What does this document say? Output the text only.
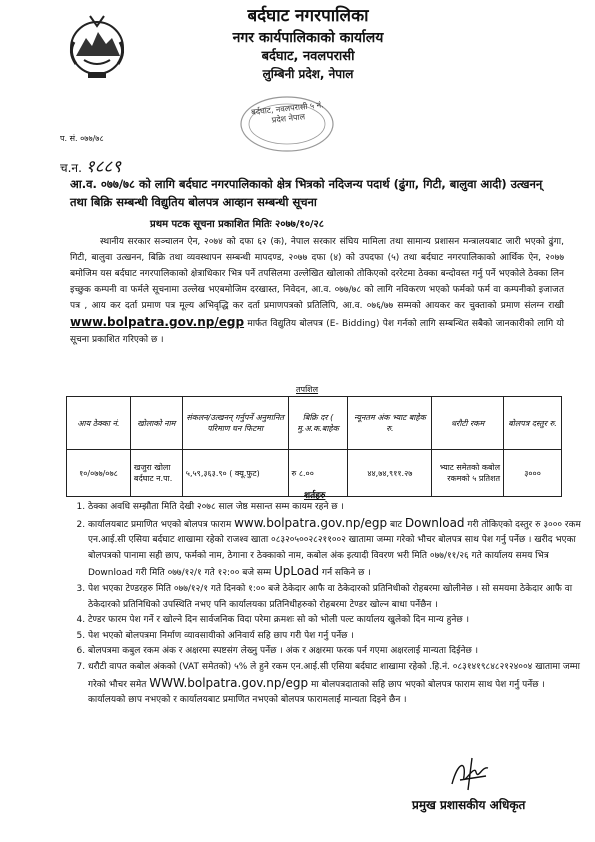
बर्दघाट नगरपालिका
नगर कार्यपालिकाको कार्यालय
बर्दघाट, नवलपरासी
लुम्बिनी प्रदेश, नेपाल
बर्दघाट, नवलपरासी ५ नं. प्रदेश नेपाल
प. सं. ०७७/७८
च.न. १८८९
आ.व. ०७७/७८ को लागि बर्दघाट नगरपालिकाको क्षेत्र भित्रको नदिजन्य पदार्थ (ढुंगा, गिटी, बालुवा आदी) उत्खनन् तथा बिक्रि सम्बन्धी विद्युतिय बोलपत्र आव्हान सम्बन्धी सूचना
प्रथम पटक सूचना प्रकाशित मितिः २०७७/१०/२८
स्थानीय सरकार सञ्चालन ऐन, २०७४ को दफा ६२ (क), नेपाल सरकार संघिय मामिला तथा सामान्य प्रशासन मन्त्रालयबाट जारी भएको ढुंगा, गिटी, बालुवा उत्खनन, बिक्रि तथा व्यवस्थापन सम्बन्धी मापदण्ड, २०७७ दफा (४) को उपदफा (५) तथा बर्दघाट नगरपालिकाको आर्थिक ऐन, २०७७ बमोजिम यस बर्दघाट नगरपालिकाको क्षेत्राधिकार भित्र पर्ने तपसिलमा उल्लेखित खोलाको तोकिएको दररेटमा ठेक्का बन्दोवस्त गर्नु पर्ने भएकोले ठेक्का लिन इच्छुक कम्पनी वा फर्मले सूचनामा उल्लेख भएबमोजिम दरखास्त, निवेदन, आ.व. ०७७/७८ को लागि नविकरण भएको फर्मको फर्म वा कम्पनीको इजाजत पत्र , आय कर दर्ता प्रमाण पत्र मूल्य अभिवृद्धि कर दर्ता प्रमाणपत्रको प्रतिलिपि, आ.व. ०७६/७७ सम्मको आयकर कर चुक्ताको प्रमाण संलग्न राखी www.bolpatra.gov.np/egp मार्फत विद्युतिय बोलपत्र (E- Bidding) पेश गर्नको लागि सम्बन्धित सबैको जानकारीको लागि यो सूचना प्रकाशित गरिएको छ ।
तपशिल
आय ठेक्का नं.	खोलाको नाम	संकलन/उत्खनन् गर्नुपर्ने अनुमानित परिमाण घन फिटमा	बिक्रि दर ( मु.अ.क.बाहेक	न्यूनतम अंक भ्याट बाहेक रु.	धरौटी रकम	बोलपत्र दस्तुर रु.
१०/०७७/०७८	खजुरा खोला बर्दघाट न.पा.	५,५९,३६३.९० ( क्यू.फुट)	रु ८.००	४४,७४,९११.२७	भ्याट समेतको कबोल रकमको ५ प्रतिशत	३०००
शर्तहरु
1. ठेक्का अवधि सम्झौता मिति देखी २०७८ साल जेष्ठ मसान्त सम्म कायम रहने छ ।
2. कार्यालयबाट प्रमाणित भएको बोलपत्र फाराम www.bolpatra.gov.np/egp बाट Download गरी तोकिएको दस्तुर रु ३००० रकम एन.आई.सी एसिया बर्दघाट शाखामा रहेको राजश्व खाता ०८३२०५००२८२११००२ खातामा जम्मा गरेको भौचर बोलपत्र साथ पेश गर्नु पर्नेछ । खरीद भएका बोलपत्रको पानामा सही छाप, फर्मको नाम, ठेगाना र ठेक्काको नाम, कबोल अंक इत्यादी विवरण भरी मिति ०७७/११/२६ गते कार्यालय समय भित्र Download गरी मिति ०७७/१२/१ गते १२:०० बजे सम्म UpLoad गर्न सकिने छ ।
3. पेश भएका टेण्डरहरु मिति ०७७/१२/१ गते दिनको १:०० बजे ठेकेदार आफै वा ठेकेदारको प्रतिनिधीको रोहबरमा खोलीनेछ । सो समयमा ठेकेदार आफै वा ठेकेदारको प्रतिनिधिको उपस्थिति नभए पनि कार्यालयका प्रतिनिधीहरुको रोहबरमा टेण्डर खोल्न बाधा पर्नेछैन ।
4. टेण्डर फारम पेश गर्ने र खोल्ने दिन सार्वजनिक विदा परेमा क्रमशः सो को भोली पल्ट कार्यालय खुलेको दिन मान्य हुनेछ ।
5. पेश भएको बोलपत्रमा निर्माण व्यावसायीको अनिवार्य सहि छाप गरी पेश गर्नु पर्नेछ ।
6. बोलपत्रमा कबुल रकम अंक र अक्षरमा स्पष्टसंग लेख्नु पर्नेछ । अंक र अक्षरमा फरक पर्न गएमा अक्षरलाई मान्यता दिईनेछ ।
7. धरौटी वापत कबोल अंकको (VAT समेतको) ५% ले हुने रकम एन.आई.सी एसिया बर्दघाट शाखामा रहेको .हि.नं. ०८३१४१९८४८२१२४००४ खातामा जम्मा गरेको भौचर समेत WWW.bolpatra.gov.np/egp मा बोलपत्रदाताको सहि छाप भएको बोलपत्र फाराम साथ पेश गर्नु पर्नेछ । कार्यालयको छाप नभएको र कार्यालयबाट प्रमाणित नभएको बोलपत्र फारामलाई मान्यता दिइने छैन ।
प्रमुख प्रशासकीय अधिकृत
